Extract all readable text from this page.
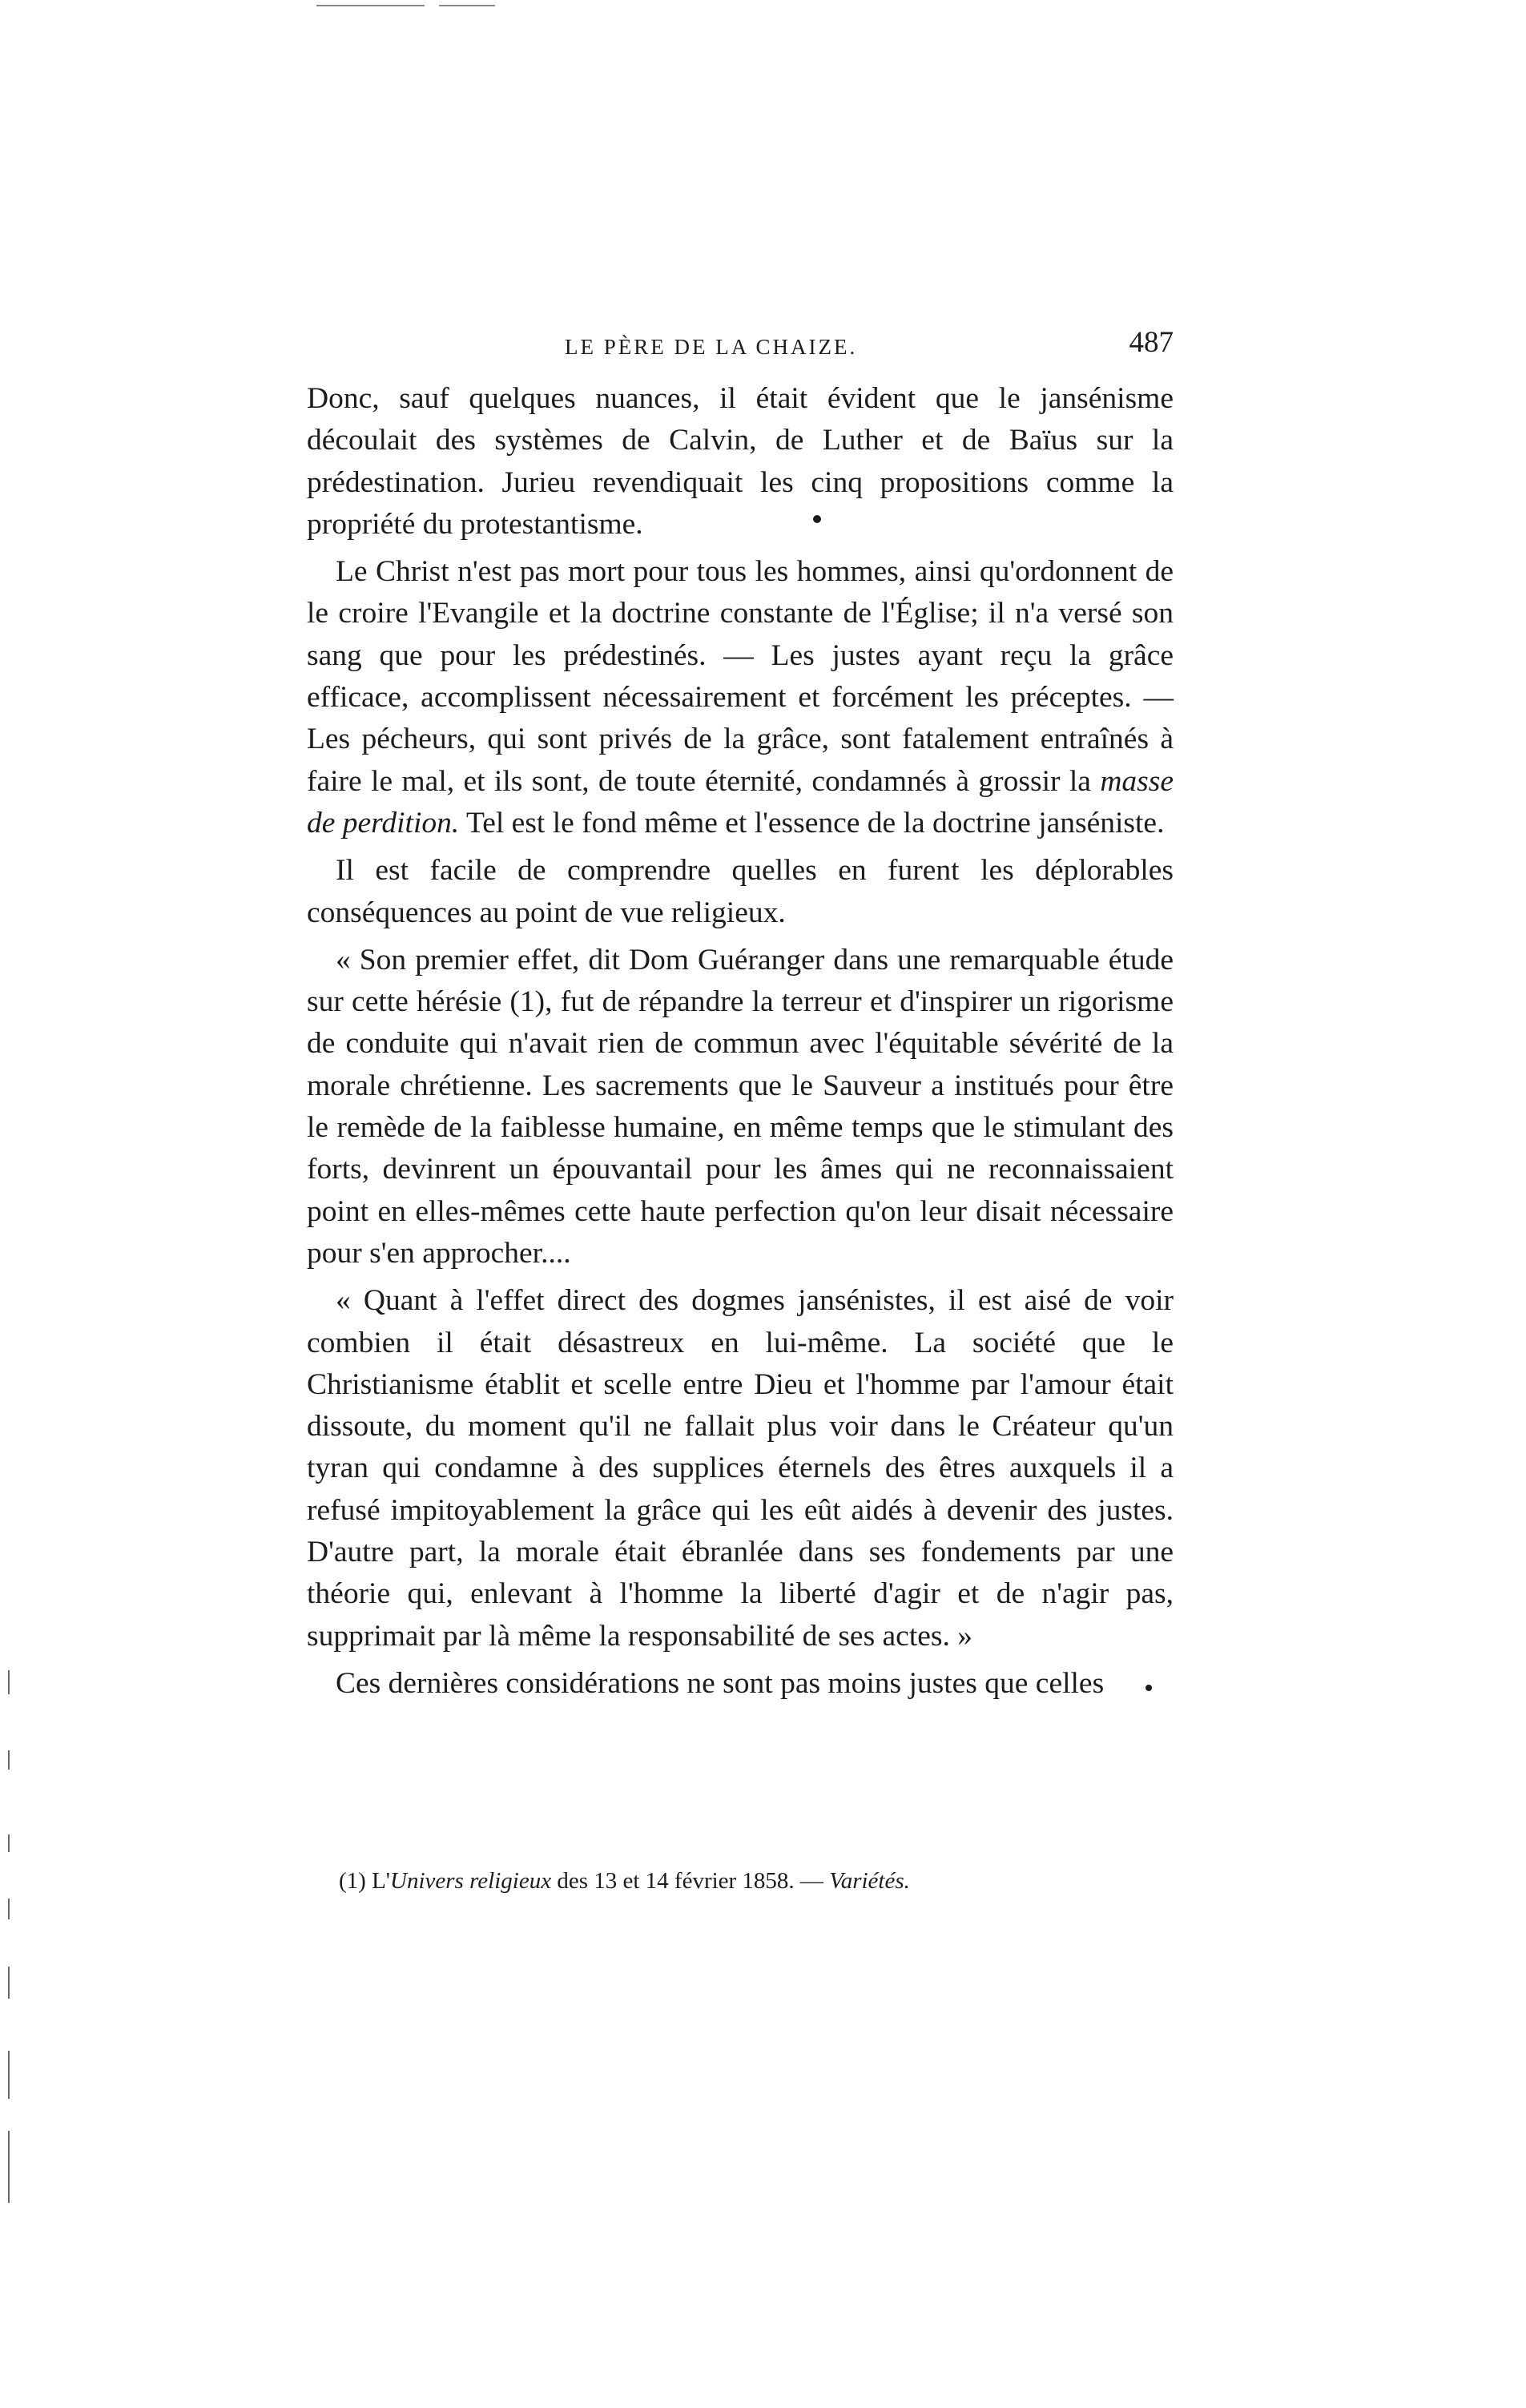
LE PÈRE DE LA CHAIZE.	487

Donc, sauf quelques nuances, il était évident que le jansénisme découlait des systèmes de Calvin, de Luther et de Baïus sur la prédestination. Jurieu revendiquait les cinq propositions comme la propriété du protestantisme.

Le Christ n'est pas mort pour tous les hommes, ainsi qu'ordonnent de le croire l'Evangile et la doctrine constante de l'Église; il n'a versé son sang que pour les prédestinés. — Les justes ayant reçu la grâce efficace, accomplissent nécessairement et forcément les préceptes. — Les pécheurs, qui sont privés de la grâce, sont fatalement entraînés à faire le mal, et ils sont, de toute éternité, condamnés à grossir la masse de perdition. Tel est le fond même et l'essence de la doctrine janséniste.

Il est facile de comprendre quelles en furent les déplorables conséquences au point de vue religieux.

« Son premier effet, dit Dom Guéranger dans une remarquable étude sur cette hérésie (1), fut de répandre la terreur et d'inspirer un rigorisme de conduite qui n'avait rien de commun avec l'équitable sévérité de la morale chrétienne. Les sacrements que le Sauveur a institués pour être le remède de la faiblesse humaine, en même temps que le stimulant des forts, devinrent un épouvantail pour les âmes qui ne reconnaissaient point en elles-mêmes cette haute perfection qu'on leur disait nécessaire pour s'en approcher....

« Quant à l'effet direct des dogmes jansénistes, il est aisé de voir combien il était désastreux en lui-même. La société que le Christianisme établit et scelle entre Dieu et l'homme par l'amour était dissoute, du moment qu'il ne fallait plus voir dans le Créateur qu'un tyran qui condamne à des supplices éternels des êtres auxquels il a refusé impitoyablement la grâce qui les eût aidés à devenir des justes. D'autre part, la morale était ébranlée dans ses fondements par une théorie qui, enlevant à l'homme la liberté d'agir et de n'agir pas, supprimait par là même la responsabilité de ses actes. »

Ces dernières considérations ne sont pas moins justes que celles

(1) L'Univers religieux des 13 et 14 février 1858. — Variétés.
